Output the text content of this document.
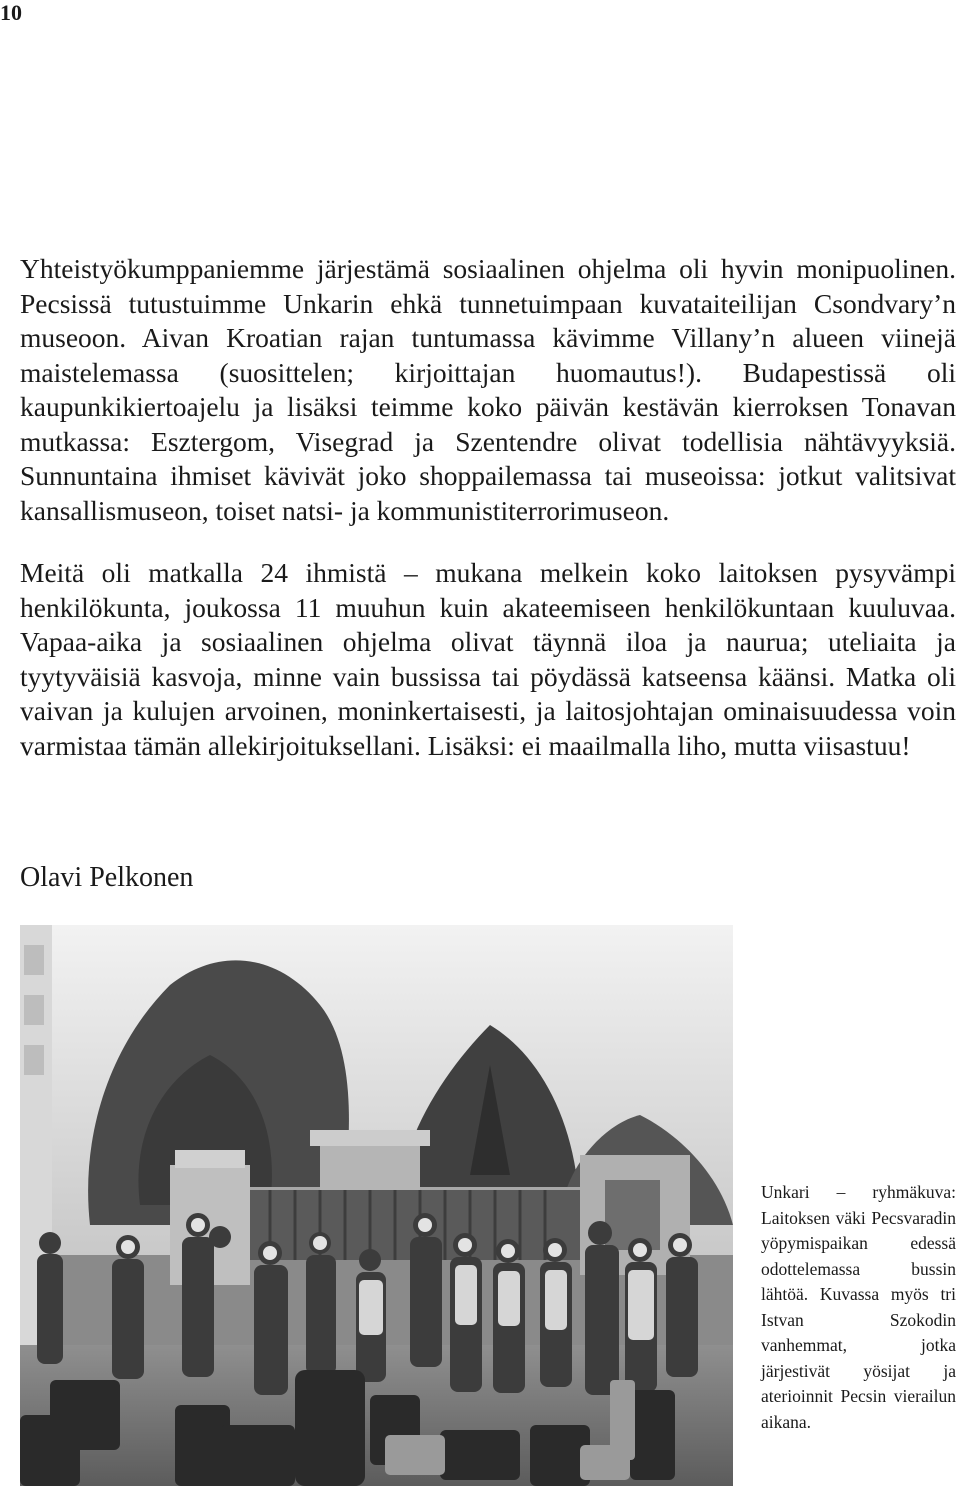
10

Yhteistyökumppaniemme järjestämä sosiaalinen ohjelma oli hyvin monipuolinen. Pecsissä tutustuimme Unkarin ehkä tunnetuimpaan kuvataiteilijan Csondvary’n museoon. Aivan Kroatian rajan tuntumassa kävimme Villany’n alueen viinejä maistelemassa (suosittelen; kirjoittajan huomautus!). Budapestissä oli kaupunkikiertoajelu ja lisäksi teimme koko päivän kestävän kierroksen Tonavan mutkassa: Esztergom, Visegrad ja Szentendre olivat todellisia nähtävyyksiä. Sunnuntaina ihmiset kävivät joko shoppailemassa tai museoissa: jotkut valitsivat kansallismuseon, toiset natsi- ja kommunistiterrorimuseon.

Meitä oli matkalla 24 ihmistä – mukana melkein koko laitoksen pysyvämpi henkilökunta, joukossa 11 muuhun kuin akateemiseen henkilökuntaan kuuluvaa. Vapaa-aika ja sosiaalinen ohjelma olivat täynnä iloa ja naurua; uteliaita ja tyytyväisiä kasvoja, minne vain bussissa tai pöydässä katseensa käänsi. Matka oli vaivan ja kulujen arvoinen, moninkertaisesti, ja laitosjohtajan ominaisuudessa voin varmistaa tämän allekirjoituksellani. Lisäksi: ei maailmalla liho, mutta viisastuu!

Olavi Pelkonen

Unkari – ryhmäkuva: Laitoksen väki Pecsvaradin yöpymispaikan edessä odottelemassa bussin lähtöä. Kuvassa myös tri Istvan Szokodin vanhemmat, jotka järjestivät yösijat ja aterioinnit Pecsin vierailun aikana.
